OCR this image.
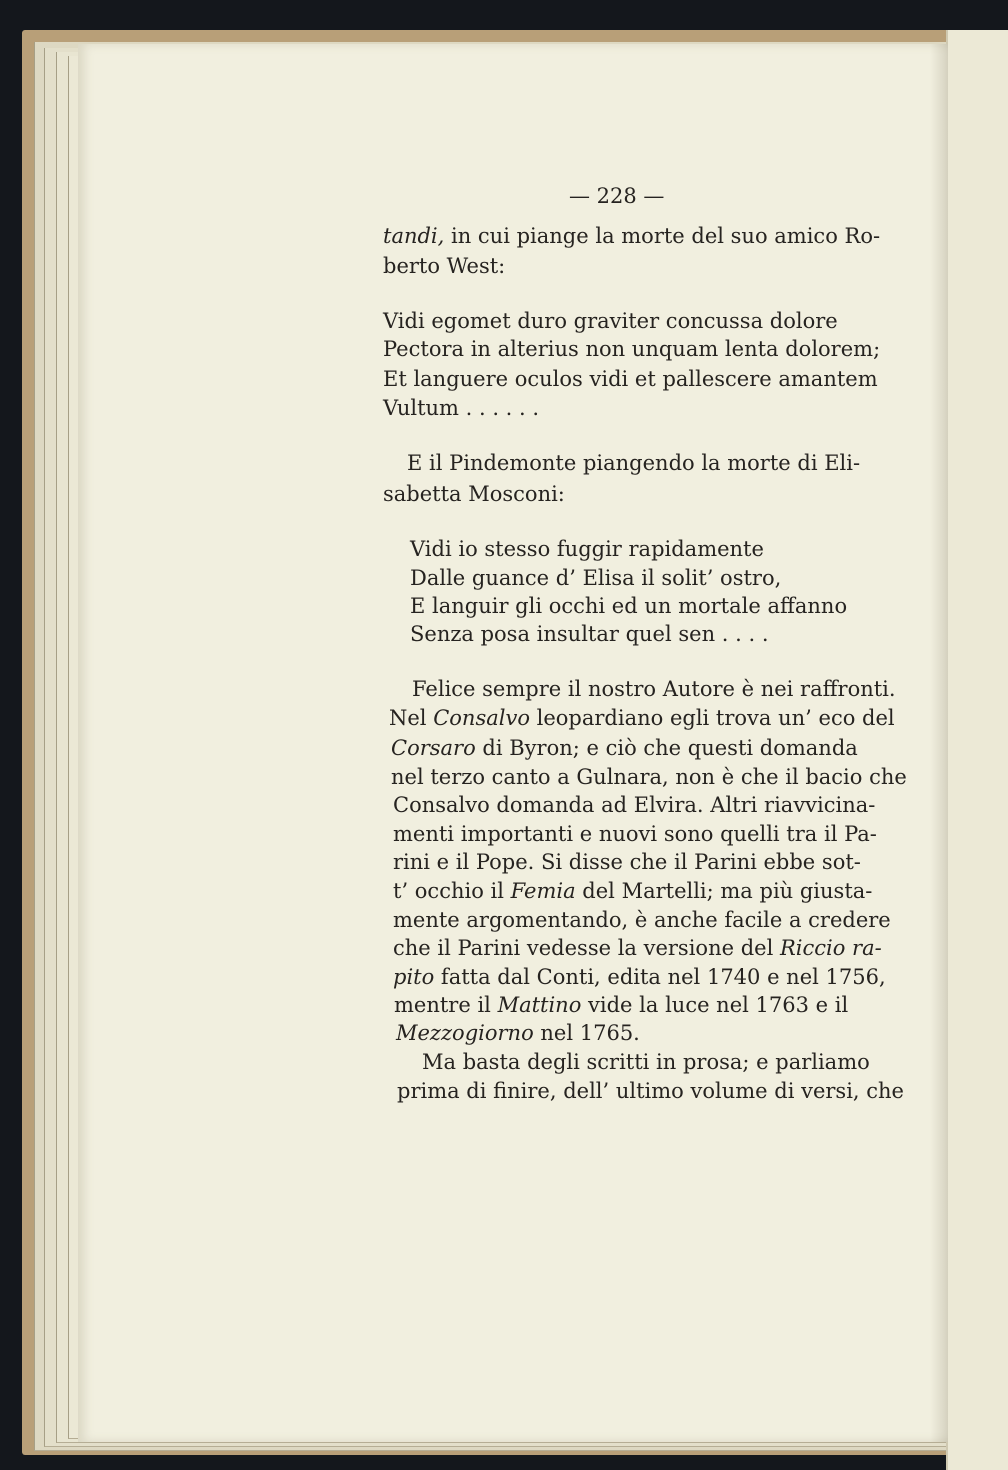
— 228 —
tandi, in cui piange la morte del suo amico Ro-
berto West:
Vidi egomet duro graviter concussa dolore
Pectora in alterius non unquam lenta dolorem;
Et languere oculos vidi et pallescere amantem
Vultum . . . . . .
E il Pindemonte piangendo la morte di Eli-
sabetta Mosconi:
Vidi io stesso fuggir rapidamente
Dalle guance d’ Elisa il solit’ ostro,
E languir gli occhi ed un mortale affanno
Senza posa insultar quel sen . . . .
Felice sempre il nostro Autore è nei raffronti.
Nel Consalvo leopardiano egli trova un’ eco del
Corsaro di Byron; e ciò che questi domanda
nel terzo canto a Gulnara, non è che il bacio che
Consalvo domanda ad Elvira. Altri riavvicina-
menti importanti e nuovi sono quelli tra il Pa-
rini e il Pope. Si disse che il Parini ebbe sot-
t’ occhio il Femia del Martelli; ma più giusta-
mente argomentando, è anche facile a credere
che il Parini vedesse la versione del Riccio ra-
pito fatta dal Conti, edita nel 1740 e nel 1756,
mentre il Mattino vide la luce nel 1763 e il
Mezzogiorno nel 1765.
Ma basta degli scritti in prosa; e parliamo
prima di finire, dell’ ultimo volume di versi, che
